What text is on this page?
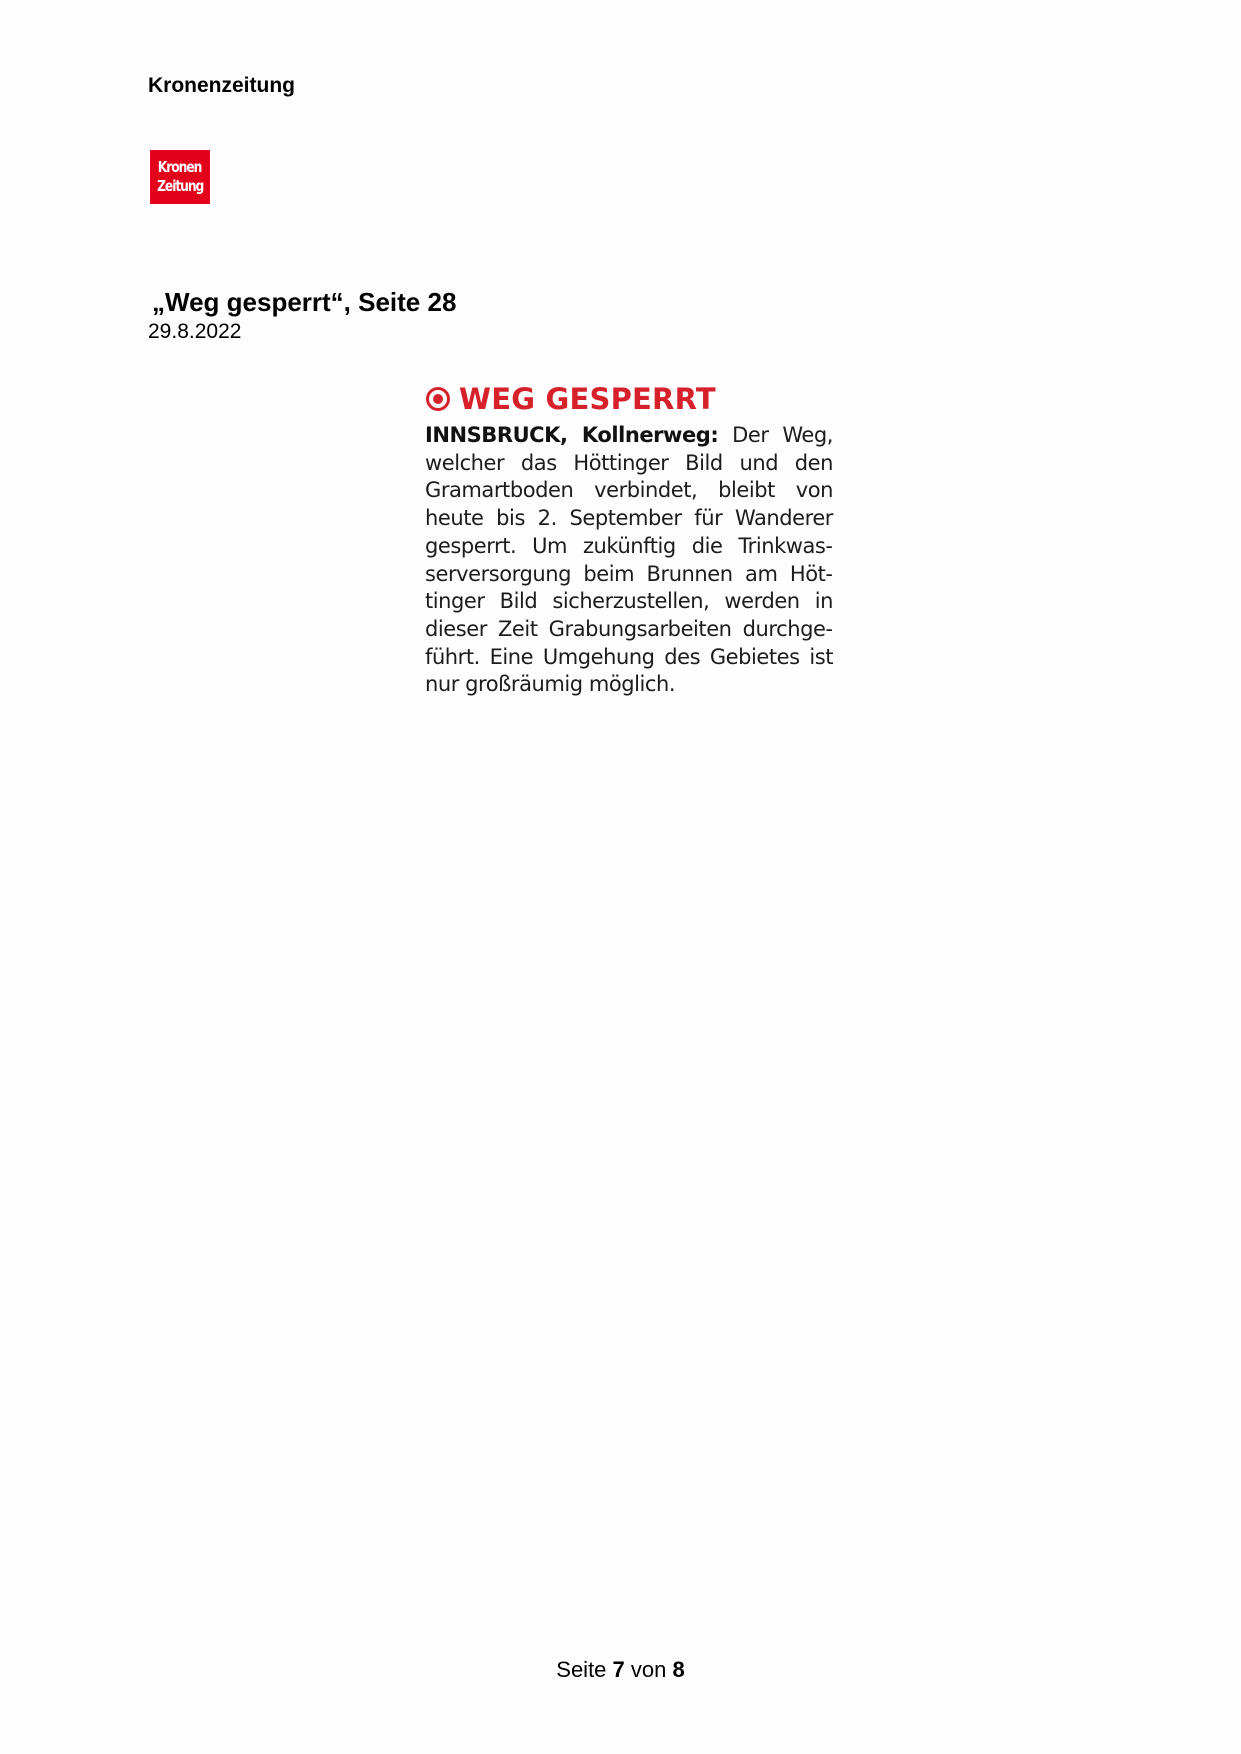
Kronenzeitung

Kronen
Zeitung
„Weg gesperrt“, Seite 28

29.8.2022

WEG GESPERRT

INNSBRUCK, Kollnerweg: Der Weg, welcher das Höttinger Bild und den Gramartboden verbindet, bleibt von heute bis 2. September für Wanderer gesperrt. Um zukünftig die Trinkwasserversorgung beim Brunnen am Höttinger Bild sicherzustellen, werden in dieser Zeit Grabungsarbeiten durchgeführt. Eine Umgehung des Gebietes ist nur großräumig möglich.

Seite 7 von 8
